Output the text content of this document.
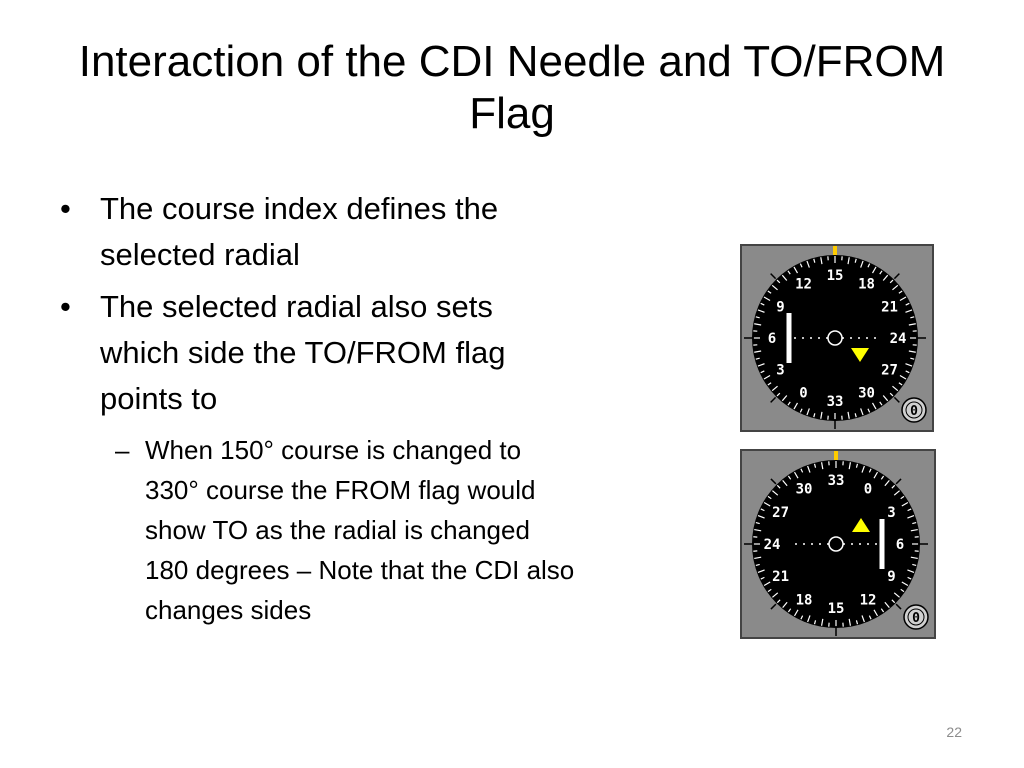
Interaction of the CDI Needle and TO/FROM Flag
• The course index defines the selected radial
• The selected radial also sets which side the TO/FROM flag points to
– When 150° course is changed to 330° course the FROM flag would show TO as the radial is changed 180 degrees – Note that the CDI also changes sides
15
18
21
24
27
30
33
0
3
6
9
12
0
33
0
3
6
9
12
15
18
21
24
27
30
0
22
